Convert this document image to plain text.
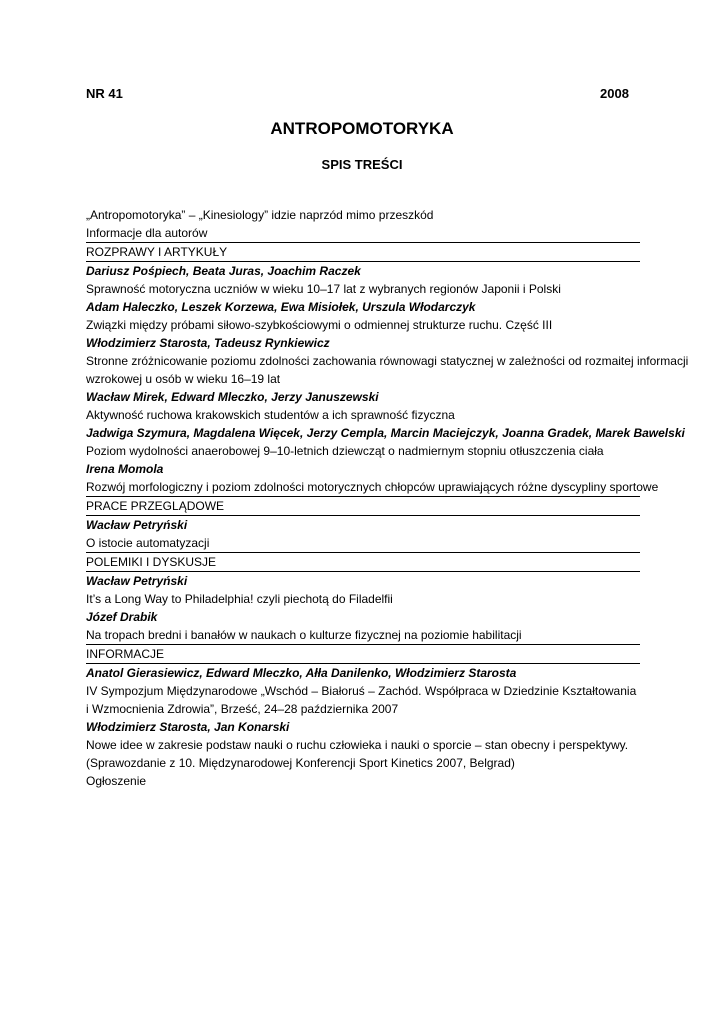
NR 41	2008
ANTROPOMOTORYKA
SPIS TREŚCI
„Antropomotoryka” – „Kinesiology” idzie naprzód mimo przeszkód
Informacje dla autorów
ROZPRAWY I ARTYKUŁY
Dariusz Pośpiech, Beata Juras, Joachim Raczek
Sprawność motoryczna uczniów w wieku 10–17 lat z wybranych regionów Japonii i Polski
Adam Haleczko, Leszek Korzewa, Ewa Misiołek, Urszula Włodarczyk
Związki między próbami siłowo-szybkościowymi o odmiennej strukturze ruchu. Część III
Włodzimierz Starosta, Tadeusz Rynkiewicz
Stronne zróżnicowanie poziomu zdolności zachowania równowagi statycznej w zależności od rozmaitej informacji
wzrokowej u osób w wieku 16–19 lat
Wacław Mirek, Edward Mleczko, Jerzy Januszewski
Aktywność ruchowa krakowskich studentów a ich sprawność fizyczna
Jadwiga Szymura, Magdalena Więcek, Jerzy Cempla, Marcin Maciejczyk, Joanna Gradek, Marek Bawelski
Poziom wydolności anaerobowej 9–10-letnich dziewcząt o nadmiernym stopniu otłuszczenia ciała
Irena Momola
Rozwój morfologiczny i poziom zdolności motorycznych chłopców uprawiających różne dyscypliny sportowe
PRACE PRZEGLĄDOWE
Wacław Petryński
O istocie automatyzacji
POLEMIKI I DYSKUSJE
Wacław Petryński
It’s a Long Way to Philadelphia! czyli piechotą do Filadelfii
Józef Drabik
Na tropach bredni i banałów w naukach o kulturze fizycznej na poziomie habilitacji
INFORMACJE
Anatol Gierasiewicz, Edward Mleczko, Ałła Danilenko, Włodzimierz Starosta
IV Sympozjum Międzynarodowe „Wschód – Białoruś – Zachód. Współpraca w Dziedzinie Kształtowania
i Wzmocnienia Zdrowia”, Brześć, 24–28 października 2007
Włodzimierz Starosta, Jan Konarski
Nowe idee w zakresie podstaw nauki o ruchu człowieka i nauki o sporcie – stan obecny i perspektywy.
(Sprawozdanie z 10. Międzynarodowej Konferencji Sport Kinetics 2007, Belgrad)
Ogłoszenie
